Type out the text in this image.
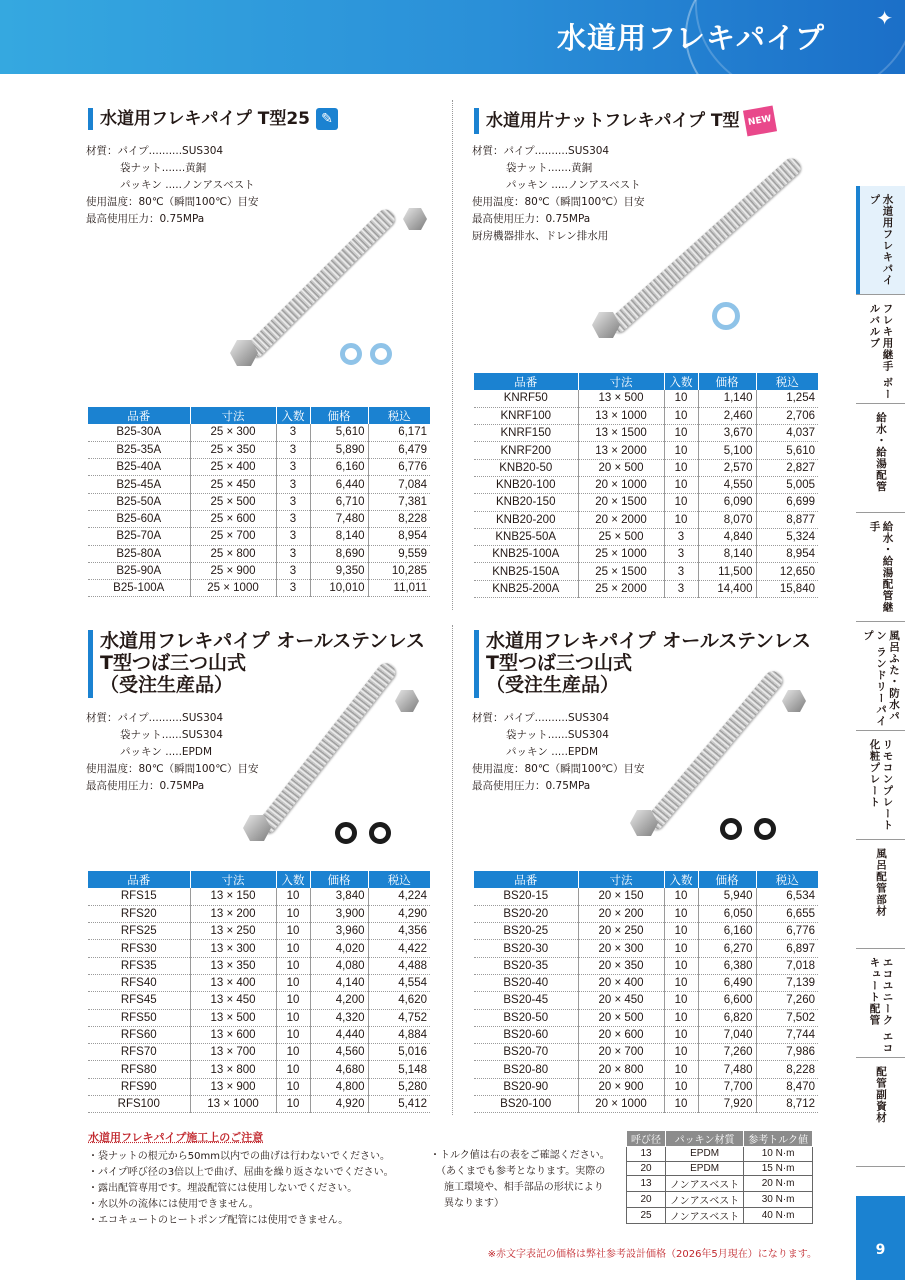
水道用フレキパイプ
✦
水道用フレキパイプ
フレキ用継手 ボールバルブ
給水・給湯配管
給水・給湯配管継手
風呂ふた・防水パン ランドリーパイプ
リモコンプレート 化粧プレート
風呂配管部材
エコユニーク エコキュート配管
配管副資材
9
水道用フレキパイプ T型25 ✎
材質：パイプ..........SUS304
袋ナット.......黄銅
パッキン .....ノンアスベスト
使用温度：80℃（瞬間100℃）目安
最高使用圧力：0.75MPa
品番	寸法	入数	価格	税込
B25-30A	25 × 300	3	5,610	6,171
B25-35A	25 × 350	3	5,890	6,479
B25-40A	25 × 400	3	6,160	6,776
B25-45A	25 × 450	3	6,440	7,084
B25-50A	25 × 500	3	6,710	7,381
B25-60A	25 × 600	3	7,480	8,228
B25-70A	25 × 700	3	8,140	8,954
B25-80A	25 × 800	3	8,690	9,559
B25-90A	25 × 900	3	9,350	10,285
B25-100A	25 × 1000	3	10,010	11,011
水道用片ナットフレキパイプ T型 NEW
材質：パイプ..........SUS304
袋ナット.......黄銅
パッキン .....ノンアスベスト
使用温度：80℃（瞬間100℃）目安
最高使用圧力：0.75MPa
厨房機器排水、ドレン排水用
品番	寸法	入数	価格	税込
KNRF50	13 × 500	10	1,140	1,254
KNRF100	13 × 1000	10	2,460	2,706
KNRF150	13 × 1500	10	3,670	4,037
KNRF200	13 × 2000	10	5,100	5,610
KNB20-50	20 × 500	10	2,570	2,827
KNB20-100	20 × 1000	10	4,550	5,005
KNB20-150	20 × 1500	10	6,090	6,699
KNB20-200	20 × 2000	10	8,070	8,877
KNB25-50A	25 × 500	3	4,840	5,324
KNB25-100A	25 × 1000	3	8,140	8,954
KNB25-150A	25 × 1500	3	11,500	12,650
KNB25-200A	25 × 2000	3	14,400	15,840
水道用フレキパイプ オールステンレス
T型つば三つ山式
（受注生産品）
材質：パイプ..........SUS304
袋ナット......SUS304
パッキン .....EPDM
使用温度：80℃（瞬間100℃）目安
最高使用圧力：0.75MPa
品番	寸法	入数	価格	税込
RFS15	13 × 150	10	3,840	4,224
RFS20	13 × 200	10	3,900	4,290
RFS25	13 × 250	10	3,960	4,356
RFS30	13 × 300	10	4,020	4,422
RFS35	13 × 350	10	4,080	4,488
RFS40	13 × 400	10	4,140	4,554
RFS45	13 × 450	10	4,200	4,620
RFS50	13 × 500	10	4,320	4,752
RFS60	13 × 600	10	4,440	4,884
RFS70	13 × 700	10	4,560	5,016
RFS80	13 × 800	10	4,680	5,148
RFS90	13 × 900	10	4,800	5,280
RFS100	13 × 1000	10	4,920	5,412
水道用フレキパイプ オールステンレス
T型つば三つ山式
（受注生産品）
材質：パイプ..........SUS304
袋ナット......SUS304
パッキン .....EPDM
使用温度：80℃（瞬間100℃）目安
最高使用圧力：0.75MPa
品番	寸法	入数	価格	税込
BS20-15	20 × 150	10	5,940	6,534
BS20-20	20 × 200	10	6,050	6,655
BS20-25	20 × 250	10	6,160	6,776
BS20-30	20 × 300	10	6,270	6,897
BS20-35	20 × 350	10	6,380	7,018
BS20-40	20 × 400	10	6,490	7,139
BS20-45	20 × 450	10	6,600	7,260
BS20-50	20 × 500	10	6,820	7,502
BS20-60	20 × 600	10	7,040	7,744
BS20-70	20 × 700	10	7,260	7,986
BS20-80	20 × 800	10	7,480	8,228
BS20-90	20 × 900	10	7,700	8,470
BS20-100	20 × 1000	10	7,920	8,712
水道用フレキパイプ施工上のご注意
・袋ナットの根元から50mm以内での曲げは行わないでください。
・パイプ呼び径の3倍以上で曲げ、屈曲を繰り返さないでください。
・露出配管専用です。埋設配管には使用しないでください。
・水以外の流体には使用できません。
・エコキュートのヒートポンプ配管には使用できません。
・トルク値は右の表をご確認ください。
（あくまでも参考となります。実際の
施工環境や、相手部品の形状により
異なります）
呼び径	パッキン材質	参考トルク値
13	EPDM	10 N·m
20	EPDM	15 N·m
13	ノンアスベスト	20 N·m
20	ノンアスベスト	30 N·m
25	ノンアスベスト	40 N·m
※赤文字表記の価格は弊社参考設計価格（2026年5月現在）になります。
